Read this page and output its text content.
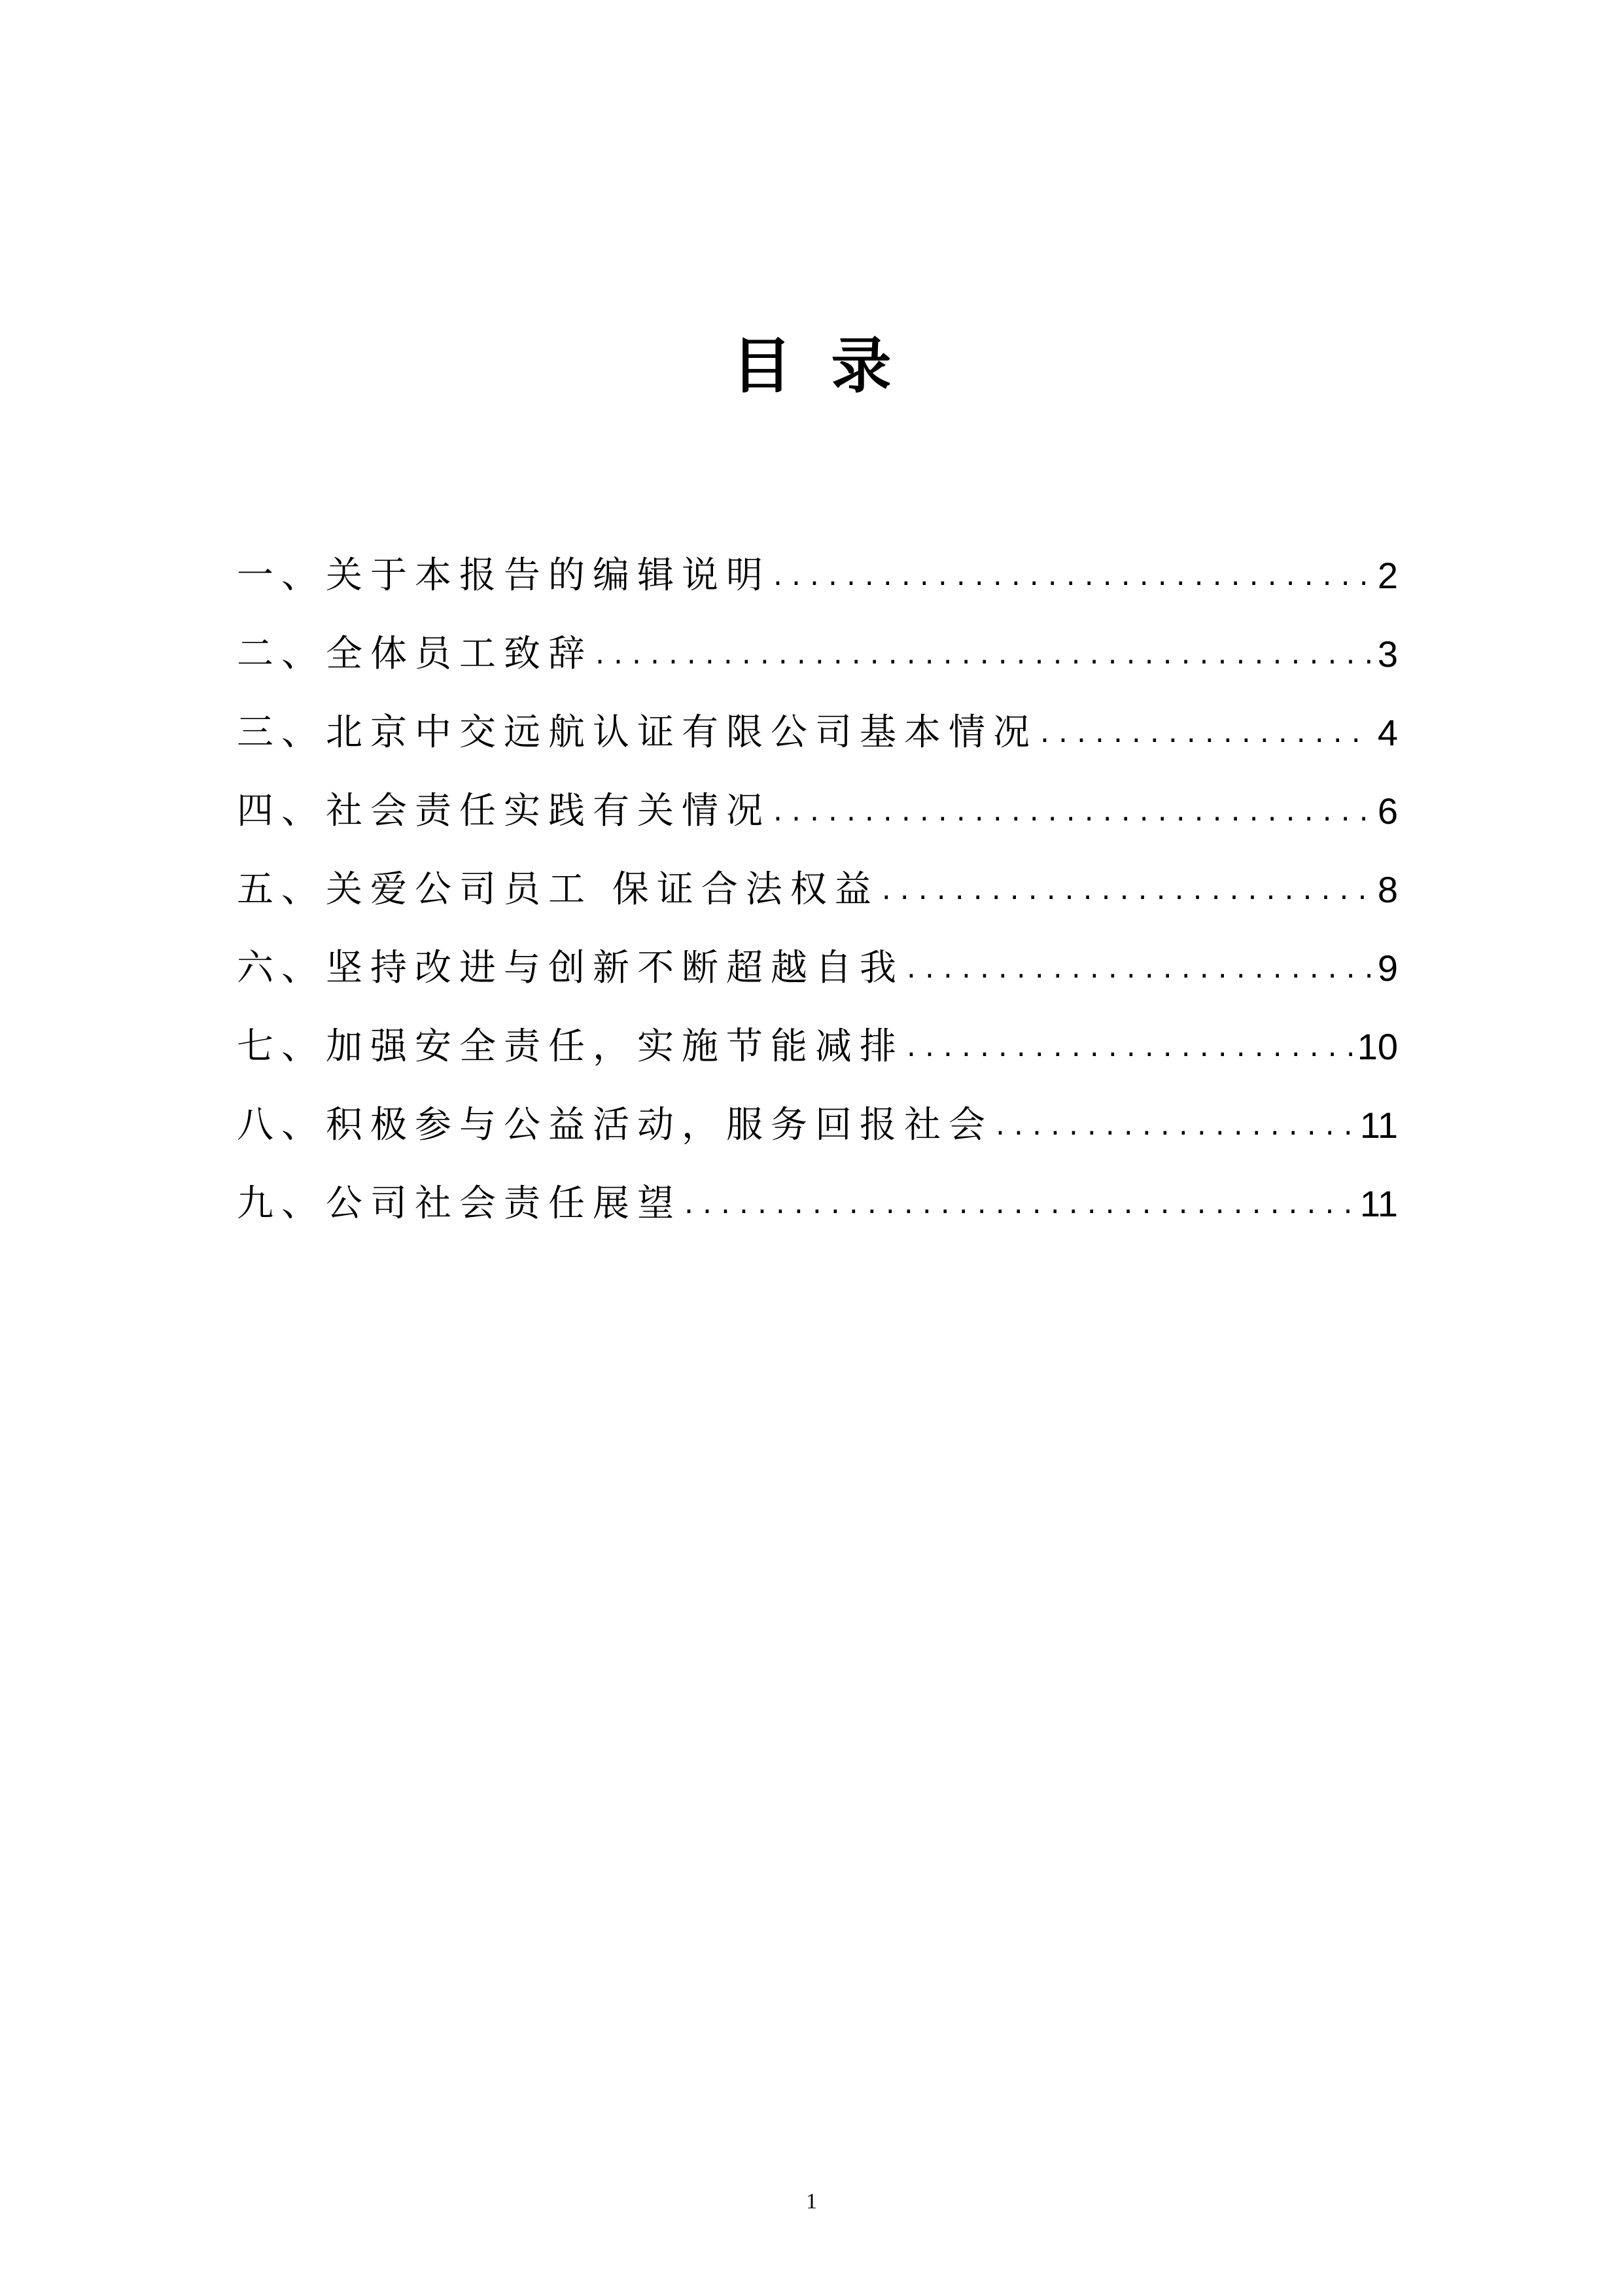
目录
一、关于本报告的编辑说明 .....	2
二、全体员工致辞 .....	3
三、北京中交远航认证有限公司基本情况 .....	4
四、社会责任实践有关情况 .....	6
五、关爱公司员工 保证合法权益 .....	8
六、坚持改进与创新不断超越自我 .....	9
七、加强安全责任，实施节能减排 .....	10
八、积极参与公益活动，服务回报社会 .....	11
九、公司社会责任展望 .....	11
1
